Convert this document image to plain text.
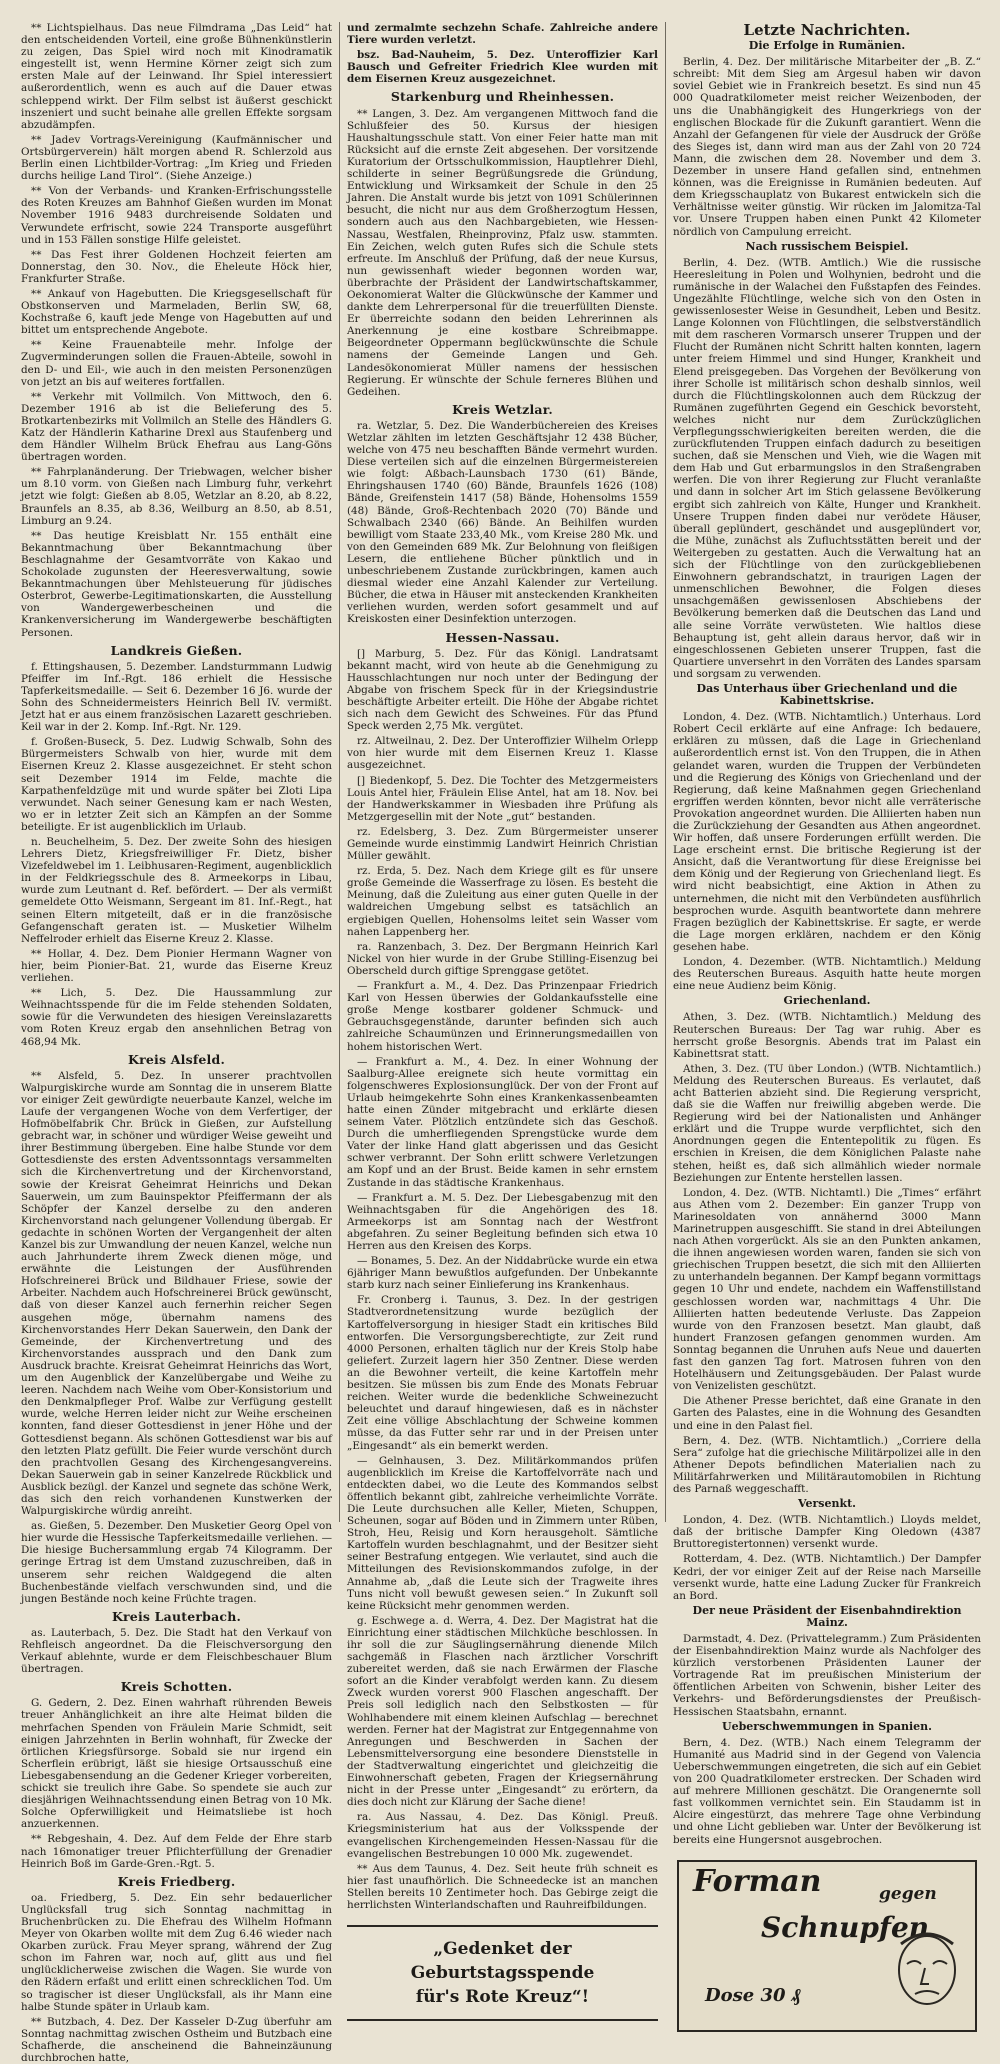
** Lichtspielhaus. Das neue Filmdrama „Das Leid“ hat den entscheidenden Vorteil, eine große Bühnenkünstlerin zu zeigen, Das Spiel wird noch mit Kinodramatik eingestellt ist, wenn Hermine Körner zeigt sich zum ersten Male auf der Leinwand. Ihr Spiel interessiert außerordentlich, wenn es auch auf die Dauer etwas schleppend wirkt. Der Film selbst ist äußerst geschickt inszeniert und sucht beinahe alle grellen Effekte sorgsam abzudämpfen.

** Jadev Vortrags-Vereinigung (Kaufmännischer und Ortsbürgerverein) hält morgen abend R. Schlerzold aus Berlin einen Lichtbilder-Vortrag: „Im Krieg und Frieden durchs heilige Land Tirol“. (Siehe Anzeige.)

** Von der Verbands- und Kranken-Erfrischungsstelle des Roten Kreuzes am Bahnhof Gießen wurden im Monat November 1916 9483 durchreisende Soldaten und Verwundete erfrischt, sowie 224 Transporte ausgeführt und in 153 Fällen sonstige Hilfe geleistet.

** Das Fest ihrer Goldenen Hochzeit feierten am Donnerstag, den 30. Nov., die Eheleute Höck hier, Frankfurter Straße.

** Ankauf von Hagebutten. Die Kriegsgesellschaft für Obstkonserven und Marmeladen, Berlin SW, 68, Kochstraße 6, kauft jede Menge von Hagebutten auf und bittet um entsprechende Angebote.

** Keine Frauenabteile mehr. Infolge der Zugverminderungen sollen die Frauen-Abteile, sowohl in den D- und Eil-, wie auch in den meisten Personenzügen von jetzt an bis auf weiteres fortfallen.

** Verkehr mit Vollmilch. Von Mittwoch, den 6. Dezember 1916 ab ist die Belieferung des 5. Brotkartenbezirks mit Vollmilch an Stelle des Händlers G. Katz der Händlerin Katharine Drexl aus Staufenberg und dem Händler Wilhelm Brück Ehefrau aus Lang-Göns übertragen worden.

** Fahrplanänderung. Der Triebwagen, welcher bisher um 8.10 vorm. von Gießen nach Limburg fuhr, verkehrt jetzt wie folgt: Gießen ab 8.05, Wetzlar an 8.20, ab 8.22, Braunfels an 8.35, ab 8.36, Weilburg an 8.50, ab 8.51, Limburg an 9.24.

** Das heutige Kreisblatt Nr. 155 enthält eine Bekanntmachung über Bekanntmachung über Beschlagnahme der Gesamtvorräte von Kakao und Schokolade zugunsten der Heeresverwaltung, sowie Bekanntmachungen über Mehlsteuerung für jüdisches Osterbrot, Gewerbe-Legitimationskarten, die Ausstellung von Wandergewerbescheinen und die Krankenversicherung im Wandergewerbe beschäftigten Personen.

Landkreis Gießen.

f. Ettingshausen, 5. Dezember. Landsturmmann Ludwig Pfeiffer im Inf.-Rgt. 186 erhielt die Hessische Tapferkeitsmedaille. — Seit 6. Dezember 16 J6. wurde der Sohn des Schneidermeisters Heinrich Bell IV. vermißt. Jetzt hat er aus einem französischen Lazarett geschrieben. Keil war in der 2. Komp. Inf.-Rgt. Nr. 129.

f. Großen-Buseck, 5. Dez. Ludwig Schwalb, Sohn des Bürgermeisters Schwalb von hier, wurde mit dem Eisernen Kreuz 2. Klasse ausgezeichnet. Er steht schon seit Dezember 1914 im Felde, machte die Karpathenfeldzüge mit und wurde später bei Zloti Lipa verwundet. Nach seiner Genesung kam er nach Westen, wo er in letzter Zeit sich an Kämpfen an der Somme beteiligte. Er ist augenblicklich im Urlaub.

n. Beuchelheim, 5. Dez. Der zweite Sohn des hiesigen Lehrers Dietz, Kriegsfreiwilliger Fr. Dietz, bisher Vizefeldwebel im 1. Leibhusaren-Regiment, augenblicklich in der Feldkriegsschule des 8. Armeekorps in Libau, wurde zum Leutnant d. Ref. befördert. — Der als vermißt gemeldete Otto Weismann, Sergeant im 81. Inf.-Regt., hat seinen Eltern mitgeteilt, daß er in die französische Gefangenschaft geraten ist. — Musketier Wilhelm Neffelroder erhielt das Eiserne Kreuz 2. Klasse.

** Hollar, 4. Dez. Dem Pionier Hermann Wagner von hier, beim Pionier-Bat. 21, wurde das Eiserne Kreuz verliehen.

** Lich, 5. Dez. Die Haussammlung zur Weihnachtsspende für die im Felde stehenden Soldaten, sowie für die Verwundeten des hiesigen Vereinslazaretts vom Roten Kreuz ergab den ansehnlichen Betrag von 468,94 Mk.

Kreis Alsfeld.

** Alsfeld, 5. Dez. In unserer prachtvollen Walpurgiskirche wurde am Sonntag die in unserem Blatte vor einiger Zeit gewürdigte neuerbaute Kanzel, welche im Laufe der vergangenen Woche von dem Verfertiger, der Hofmöbelfabrik Chr. Brück in Gießen, zur Aufstellung gebracht war, in schöner und würdiger Weise geweiht und ihrer Bestimmung übergeben. Eine halbe Stunde vor dem Gottesdienste des ersten Adventssonntags versammelten sich die Kirchenvertretung und der Kirchenvorstand, sowie der Kreisrat Geheimrat Heinrichs und Dekan Sauerwein, um zum Bauinspektor Pfeiffermann der als Schöpfer der Kanzel derselbe zu den anderen Kirchenvorstand nach gelungener Vollendung übergab. Er gedachte in schönen Worten der Vergangenheit der alten Kanzel bis zur Umwandlung der neuen Kanzel, welche nun auch Jahrhunderte ihrem Zweck dienen möge, und erwähnte die Leistungen der Ausführenden Hofschreinerei Brück und Bildhauer Friese, sowie der Arbeiter. Nachdem auch Hofschreinerei Brück gewünscht, daß von dieser Kanzel auch fernerhin reicher Segen ausgehen möge, übernahm namens des Kirchenvorstandes Herr Dekan Sauerwein, den Dank der Gemeinde, der Kirchenvertretung und des Kirchenvorstandes aussprach und den Dank zum Ausdruck brachte. Kreisrat Geheimrat Heinrichs das Wort, um den Augenblick der Kanzelübergabe und Weihe zu leeren. Nachdem nach Weihe vom Ober-Konsistorium und den Denkmalpfleger Prof. Walbe zur Verfügung gestellt wurde, welche Herren leider nicht zur Weihe erscheinen konnten, fand dieser Gottesdienst in jener Höhe und der Gottesdienst begann. Als schönen Gottesdienst war bis auf den letzten Platz gefüllt. Die Feier wurde verschönt durch den prachtvollen Gesang des Kirchengesangvereins. Dekan Sauerwein gab in seiner Kanzelrede Rückblick und Ausblick bezügl. der Kanzel und segnete das schöne Werk, das sich den reich vorhandenen Kunstwerken der Walpurgiskirche würdig anreiht.

as. Gießen, 5. Dezember. Den Musketier Georg Opel von hier wurde die Hessische Tapferkeitsmedaille verliehen. — Die hiesige Buchersammlung ergab 74 Kilogramm. Der geringe Ertrag ist dem Umstand zuzuschreiben, daß in unserem sehr reichen Waldgegend die alten Buchenbestände vielfach verschwunden sind, und die jungen Bestände noch keine Früchte tragen.

Kreis Lauterbach.

as. Lauterbach, 5. Dez. Die Stadt hat den Verkauf von Rehfleisch angeordnet. Da die Fleischversorgung den Verkauf ablehnte, wurde er dem Fleischbeschauer Blum übertragen.

Kreis Schotten.

G. Gedern, 2. Dez. Einen wahrhaft rührenden Beweis treuer Anhänglichkeit an ihre alte Heimat bilden die mehrfachen Spenden von Fräulein Marie Schmidt, seit einigen Jahrzehnten in Berlin wohnhaft, für Zwecke der örtlichen Kriegsfürsorge. Sobald sie nur irgend ein Scherflein erübrigt, läßt sie hiesige Ortsausschuß eine Liebesgabensendung an die Gedener Krieger vorbereiten, schickt sie treulich ihre Gabe. So spendete sie auch zur diesjährigen Weihnachtssendung einen Betrag von 10 Mk. Solche Opferwilligkeit und Heimatsliebe ist hoch anzuerkennen.

** Rebgeshain, 4. Dez. Auf dem Felde der Ehre starb nach 16monatiger treuer Pflichterfüllung der Grenadier Heinrich Boß im Garde-Gren.-Rgt. 5.

Kreis Friedberg.

oa. Friedberg, 5. Dez. Ein sehr bedauerlicher Unglücksfall trug sich Sonntag nachmittag in Bruchenbrücken zu. Die Ehefrau des Wilhelm Hofmann Meyer von Okarben wollte mit dem Zug 6.46 wieder nach Okarben zurück. Frau Meyer sprang, während der Zug schon im Fahren war, noch auf, glitt aus und fiel unglücklicherweise zwischen die Wagen. Sie wurde von den Rädern erfaßt und erlitt einen schrecklichen Tod. Um so tragischer ist dieser Unglücksfall, als ihr Mann eine halbe Stunde später in Urlaub kam.

** Butzbach, 4. Dez. Der Kasseler D-Zug überfuhr am Sonntag nachmittag zwischen Ostheim und Butzbach eine Schafherde, die anscheinend die Bahneinzäunung durchbrochen hatte,

und zermalmte sechzehn Schafe. Zahlreiche andere Tiere wurden verletzt.

bsz. Bad-Nauheim, 5. Dez. Unteroffizier Karl Bausch und Gefreiter Friedrich Klee wurden mit dem Eisernen Kreuz ausgezeichnet.

Starkenburg und Rheinhessen.

** Langen, 3. Dez. Am vergangenen Mittwoch fand die Schlußfeier des 50. Kursus der hiesigen Haushaltungsschule statt. Von einer Feier hatte man mit Rücksicht auf die ernste Zeit abgesehen. Der vorsitzende Kuratorium der Ortsschulkommission, Hauptlehrer Diehl, schilderte in seiner Begrüßungsrede die Gründung, Entwicklung und Wirksamkeit der Schule in den 25 Jahren. Die Anstalt wurde bis jetzt von 1091 Schülerinnen besucht, die nicht nur aus dem Großherzogtum Hessen, sondern auch aus den Nachbargebieten, wie Hessen-Nassau, Westfalen, Rheinprovinz, Pfalz usw. stammten. Ein Zeichen, welch guten Rufes sich die Schule stets erfreute. Im Anschluß der Prüfung, daß der neue Kursus, nun gewissenhaft wieder begonnen worden war, überbrachte der Präsident der Landwirtschaftskammer, Oekonomierat Walter die Glückwünsche der Kammer und dankte dem Lehrerpersonal für die treuerfüllten Dienste. Er überreichte sodann den beiden Lehrerinnen als Anerkennung je eine kostbare Schreibmappe. Beigeordneter Oppermann beglückwünschte die Schule namens der Gemeinde Langen und Geh. Landesökonomierat Müller namens der hessischen Regierung. Er wünschte der Schule ferneres Blühen und Gedeihen.

Kreis Wetzlar.

ra. Wetzlar, 5. Dez. Die Wanderbüchereien des Kreises Wetzlar zählten im letzten Geschäftsjahr 12 438 Bücher, welche von 475 neu beschafften Bände vermehrt wurden. Diese verteilen sich auf die einzelnen Bürgermeistereien wie folgt: Aßbach-Launsbach 1730 (61) Bände, Ehringshausen 1740 (60) Bände, Braunfels 1626 (108) Bände, Greifenstein 1417 (58) Bände, Hohensolms 1559 (48) Bände, Groß-Rechtenbach 2020 (70) Bände und Schwalbach 2340 (66) Bände. An Beihilfen wurden bewilligt vom Staate 233,40 Mk., vom Kreise 280 Mk. und von den Gemeinden 689 Mk. Zur Belohnung von fleißigen Lesern, die entliehene Bücher pünktlich und in unbeschriebenem Zustande zurückbringen, kamen auch diesmal wieder eine Anzahl Kalender zur Verteilung. Bücher, die etwa in Häuser mit ansteckenden Krankheiten verliehen wurden, werden sofort gesammelt und auf Kreiskosten einer Desinfektion unterzogen.

Hessen-Nassau.

[] Marburg, 5. Dez. Für das Königl. Landratsamt bekannt macht, wird von heute ab die Genehmigung zu Hausschlachtungen nur noch unter der Bedingung der Abgabe von frischem Speck für in der Kriegsindustrie beschäftigte Arbeiter erteilt. Die Höhe der Abgabe richtet sich nach dem Gewicht des Schweines. Für das Pfund Speck werden 2,75 Mk. vergütet.

rz. Altweilnau, 2. Dez. Der Unteroffizier Wilhelm Orlepp von hier wurde mit dem Eisernen Kreuz 1. Klasse ausgezeichnet.

[] Biedenkopf, 5. Dez. Die Tochter des Metzgermeisters Louis Antel hier, Fräulein Elise Antel, hat am 18. Nov. bei der Handwerkskammer in Wiesbaden ihre Prüfung als Metzgergesellin mit der Note „gut“ bestanden.

rz. Edelsberg, 3. Dez. Zum Bürgermeister unserer Gemeinde wurde einstimmig Landwirt Heinrich Christian Müller gewählt.

rz. Erda, 5. Dez. Nach dem Kriege gilt es für unsere große Gemeinde die Wasserfrage zu lösen. Es besteht die Meinung, daß die Zuleitung aus einer guten Quelle in der waldreichen Umgebung selbst es tatsächlich an ergiebigen Quellen, Hohensolms leitet sein Wasser vom nahen Lappenberg her.

ra. Ranzenbach, 3. Dez. Der Bergmann Heinrich Karl Nickel von hier wurde in der Grube Stilling-Eisenzug bei Oberscheld durch giftige Sprenggase getötet.

— Frankfurt a. M., 4. Dez. Das Prinzenpaar Friedrich Karl von Hessen überwies der Goldankaufsstelle eine große Menge kostbarer goldener Schmuck- und Gebrauchsgegenstände, darunter befinden sich auch zahlreiche Schaumünzen und Erinnerungsmedaillen von hohem historischen Wert.

— Frankfurt a. M., 4. Dez. In einer Wohnung der Saalburg-Allee ereignete sich heute vormittag ein folgenschweres Explosionsunglück. Der von der Front auf Urlaub heimgekehrte Sohn eines Krankenkassenbeamten hatte einen Zünder mitgebracht und erklärte diesen seinem Vater. Plötzlich entzündete sich das Geschoß. Durch die umherfliegenden Sprengstücke wurde dem Vater der linke Hand glatt abgerissen und das Gesicht schwer verbrannt. Der Sohn erlitt schwere Verletzungen am Kopf und an der Brust. Beide kamen in sehr ernstem Zustande in das städtische Krankenhaus.

— Frankfurt a. M. 5. Dez. Der Liebesgabenzug mit den Weihnachtsgaben für die Angehörigen des 18. Armeekorps ist am Sonntag nach der Westfront abgefahren. Zu seiner Begleitung befinden sich etwa 10 Herren aus den Kreisen des Korps.

— Bonames, 5. Dez. An der Niddabrücke wurde ein etwa 6jähriger Mann bewußtlos aufgefunden. Der Unbekannte starb kurz nach seiner Einlieferung ins Krankenhaus.

Fr. Cronberg i. Taunus, 3. Dez. In der gestrigen Stadtverordnetensitzung wurde bezüglich der Kartoffelversorgung in hiesiger Stadt ein kritisches Bild entworfen. Die Versorgungsberechtigte, zur Zeit rund 4000 Personen, erhalten täglich nur der Kreis Stolp habe geliefert. Zurzeit lagern hier 350 Zentner. Diese werden an die Bewohner verteilt, die keine Kartoffeln mehr besitzen. Sie müssen bis zum Ende des Monats Februar reichen. Weiter wurde die bedenkliche Schweinezucht beleuchtet und darauf hingewiesen, daß es in nächster Zeit eine völlige Abschlachtung der Schweine kommen müsse, da das Futter sehr rar und in der Preisen unter „Eingesandt“ als ein bemerkt werden.

— Gelnhausen, 3. Dez. Militärkommandos prüfen augenblicklich im Kreise die Kartoffelvorräte nach und entdeckten dabei, wo die Leute des Kommandos selbst öffentlich bekannt gibt, zahlreiche verheimlichte Vorräte. Die Leute durchsuchen alle Keller, Mieten, Schuppen, Scheunen, sogar auf Böden und in Zimmern unter Rüben, Stroh, Heu, Reisig und Korn herausgeholt. Sämtliche Kartoffeln wurden beschlagnahmt, und der Besitzer sieht seiner Bestrafung entgegen. Wie verlautet, sind auch die Mitteilungen des Revisionskommandos zufolge, in der Annahme ab, „daß die Leute sich der Tragweite ihres Tuns nicht voll bewußt gewesen seien.“ In Zukunft soll keine Rücksicht mehr genommen werden.

g. Eschwege a. d. Werra, 4. Dez. Der Magistrat hat die Einrichtung einer städtischen Milchküche beschlossen. In ihr soll die zur Säuglingsernährung dienende Milch sachgemäß in Flaschen nach ärztlicher Vorschrift zubereitet werden, daß sie nach Erwärmen der Flasche sofort an die Kinder verabfolgt werden kann. Zu diesem Zweck wurden vorerst 900 Flaschen angeschafft. Der Preis soll lediglich nach den Selbstkosten — für Wohlhabendere mit einem kleinen Aufschlag — berechnet werden. Ferner hat der Magistrat zur Entgegennahme von Anregungen und Beschwerden in Sachen der Lebensmittelversorgung eine besondere Dienststelle in der Stadtverwaltung eingerichtet und gleichzeitig die Einwohnerschaft gebeten, Fragen der Kriegsernährung nicht in der Presse unter „Eingesandt“ zu erörtern, da dies doch nicht zur Klärung der Sache diene!

ra. Aus Nassau, 4. Dez. Das Königl. Preuß. Kriegsministerium hat aus der Volksspende der evangelischen Kirchengemeinden Hessen-Nassau für die evangelischen Bestrebungen 10 000 Mk. zugewendet.

** Aus dem Taunus, 4. Dez. Seit heute früh schneit es hier fast unaufhörlich. Die Schneedecke ist an manchen Stellen bereits 10 Zentimeter hoch. Das Gebirge zeigt die herrlichsten Winterlandschaften und Rauhreifbildungen.

„Gedenket der Geburtstagsspende
für's Rote Kreuz“!
Letzte Nachrichten.
Die Erfolge in Rumänien.

Berlin, 4. Dez. Der militärische Mitarbeiter der „B. Z.“ schreibt: Mit dem Sieg am Argesul haben wir davon soviel Gebiet wie in Frankreich besetzt. Es sind nun 45 000 Quadratkilometer meist reicher Weizenboden, der uns die Unabhängigkeit des Hungerkriegs von der englischen Blockade für die Zukunft garantiert. Wenn die Anzahl der Gefangenen für viele der Ausdruck der Größe des Sieges ist, dann wird man aus der Zahl von 20 724 Mann, die zwischen dem 28. November und dem 3. Dezember in unsere Hand gefallen sind, entnehmen können, was die Ereignisse in Rumänien bedeuten. Auf dem Kriegsschauplatz von Bukarest entwickeln sich die Verhältnisse weiter günstig. Wir rücken im Jalomitza-Tal vor. Unsere Truppen haben einen Punkt 42 Kilometer nördlich von Campulung erreicht.

Nach russischem Beispiel.

Berlin, 4. Dez. (WTB. Amtlich.) Wie die russische Heeresleitung in Polen und Wolhynien, bedroht und die rumänische in der Walachei den Fußstapfen des Feindes. Ungezählte Flüchtlinge, welche sich von den Osten in gewissenlosester Weise in Gesundheit, Leben und Besitz. Lange Kolonnen von Flüchtlingen, die selbstverständlich mit dem rascheren Vormarsch unserer Truppen und der Flucht der Rumänen nicht Schritt halten konnten, lagern unter freiem Himmel und sind Hunger, Krankheit und Elend preisgegeben. Das Vorgehen der Bevölkerung von ihrer Scholle ist militärisch schon deshalb sinnlos, weil durch die Flüchtlingskolonnen auch dem Rückzug der Rumänen zugeführten Gegend ein Geschick bevorsteht, welches nicht nur dem Zurückzüglichen Verpflegungsschwierigkeiten bereiten werden, die die zurückflutenden Truppen einfach dadurch zu beseitigen suchen, daß sie Menschen und Vieh, wie die Wagen mit dem Hab und Gut erbarmungslos in den Straßengraben werfen. Die von ihrer Regierung zur Flucht veranlaßte und dann in solcher Art im Stich gelassene Bevölkerung ergibt sich zahlreich von Kälte, Hunger und Krankheit. Unsere Truppen finden dabei nur verödete Häuser, überall geplündert, geschändet und ausgeplündert vor, die Mühe, zunächst als Zufluchtsstätten bereit und der Weitergeben zu gestatten. Auch die Verwaltung hat an sich der Flüchtlinge von den zurückgebliebenen Einwohnern gebrandschatzt, in traurigen Lagen der unmenschlichen Bewohner, die Folgen dieses unsachgemäßen gewissenlosen Abschiebens der Bevölkerung bemerken daß die Deutschen das Land und alle seine Vorräte verwüsteten. Wie haltlos diese Behauptung ist, geht allein daraus hervor, daß wir in eingeschlossenen Gebieten unserer Truppen, fast die Quartiere unversehrt in den Vorräten des Landes sparsam und sorgsam zu verwenden.

Das Unterhaus über Griechenland und die Kabinettskrise.

London, 4. Dez. (WTB. Nichtamtlich.) Unterhaus. Lord Robert Cecil erklärte auf eine Anfrage: Ich bedauere, erklären zu müssen, daß die Lage in Griechenland außerordentlich ernst ist. Von den Truppen, die in Athen gelandet waren, wurden die Truppen der Verbündeten und die Regierung des Königs von Griechenland und der Regierung, daß keine Maßnahmen gegen Griechenland ergriffen werden könnten, bevor nicht alle verräterische Provokation angeordnet wurden. Die Alliierten haben nun die Zurückziehung der Gesandten aus Athen angeordnet. Wir hoffen, daß unsere Forderungen erfüllt werden. Die Lage erscheint ernst. Die britische Regierung ist der Ansicht, daß die Verantwortung für diese Ereignisse bei dem König und der Regierung von Griechenland liegt. Es wird nicht beabsichtigt, eine Aktion in Athen zu unternehmen, die nicht mit den Verbündeten ausführlich besprochen wurde. Asquith beantwortete dann mehrere Fragen bezüglich der Kabinettskrise. Er sagte, er werde die Lage morgen erklären, nachdem er den König gesehen habe.

London, 4. Dezember. (WTB. Nichtamtlich.) Meldung des Reuterschen Bureaus. Asquith hatte heute morgen eine neue Audienz beim König.

Griechenland.

Athen, 3. Dez. (WTB. Nichtamtlich.) Meldung des Reuterschen Bureaus: Der Tag war ruhig. Aber es herrscht große Besorgnis. Abends trat im Palast ein Kabinettsrat statt.

Athen, 3. Dez. (TU über London.) (WTB. Nichtamtlich.) Meldung des Reuterschen Bureaus. Es verlautet, daß acht Batterien abzieht sind. Die Regierung verspricht, daß sie die Waffen nur freiwillig abgeben werde. Die Regierung wird bei der Nationalisten und Anhänger erklärt und die Truppe wurde verpflichtet, sich den Anordnungen gegen die Ententepolitik zu fügen. Es erschien in Kreisen, die dem Königlichen Palaste nahe stehen, heißt es, daß sich allmählich wieder normale Beziehungen zur Entente herstellen lassen.

London, 4. Dez. (WTB. Nichtamtl.) Die „Times“ erfährt aus Athen vom 2. Dezember: Ein ganzer Trupp von Marinesoldaten von annähernd 3000 Mann Marinetruppen ausgeschifft. Sie stand in drei Abteilungen nach Athen vorgerückt. Als sie an den Punkten ankamen, die ihnen angewiesen worden waren, fanden sie sich von griechischen Truppen besetzt, die sich mit den Alliierten zu unterhandeln begannen. Der Kampf begann vormittags gegen 10 Uhr und endete, nachdem ein Waffenstillstand geschlossen worden war, nachmittags 4 Uhr. Die Alliierten hatten bedeutende Verluste. Das Zappeion wurde von den Franzosen besetzt. Man glaubt, daß hundert Franzosen gefangen genommen wurden. Am Sonntag begannen die Unruhen aufs Neue und dauerten fast den ganzen Tag fort. Matrosen fuhren von den Hotelhäusern und Zeitungsgebäuden. Der Palast wurde von Venizelisten geschützt.

Die Athener Presse berichtet, daß eine Granate in den Garten des Palastes, eine in die Wohnung des Gesandten und eine in den Palast fiel.

Bern, 4. Dez. (WTB. Nichtamtlich.) „Corriere della Sera“ zufolge hat die griechische Militärpolizei alle in den Athener Depots befindlichen Materialien nach zu Militärfahrwerken und Militärautomobilen in Richtung des Parnaß weggeschafft.

Versenkt.

London, 4. Dez. (WTB. Nichtamtlich.) Lloyds meldet, daß der britische Dampfer King Oledown (4387 Bruttoregistertonnen) versenkt wurde.

Rotterdam, 4. Dez. (WTB. Nichtamtlich.) Der Dampfer Kedri, der vor einiger Zeit auf der Reise nach Marseille versenkt wurde, hatte eine Ladung Zucker für Frankreich an Bord.

Der neue Präsident der Eisenbahndirektion Mainz.

Darmstadt, 4. Dez. (Privattelegramm.) Zum Präsidenten der Eisenbahndirektion Mainz wurde als Nachfolger des kürzlich verstorbenen Präsidenten Launer der Vortragende Rat im preußischen Ministerium der öffentlichen Arbeiten von Schwenin, bisher Leiter des Verkehrs- und Beförderungsdienstes der Preußisch-Hessischen Staatsbahn, ernannt.

Ueberschwemmungen in Spanien.

Bern, 4. Dez. (WTB.) Nach einem Telegramm der Humanité aus Madrid sind in der Gegend von Valencia Ueberschwemmungen eingetreten, die sich auf ein Gebiet von 200 Quadratkilometer erstrecken. Der Schaden wird auf mehrere Millionen geschätzt. Die Orangenernte soll fast vollkommen vernichtet sein. Ein Staudamm ist in Alcire eingestürzt, das mehrere Tage ohne Verbindung und ohne Licht geblieben war. Unter der Bevölkerung ist bereits eine Hungersnot ausgebrochen.

Forman	gegen
Schnupfen
Dose 30 ₰
